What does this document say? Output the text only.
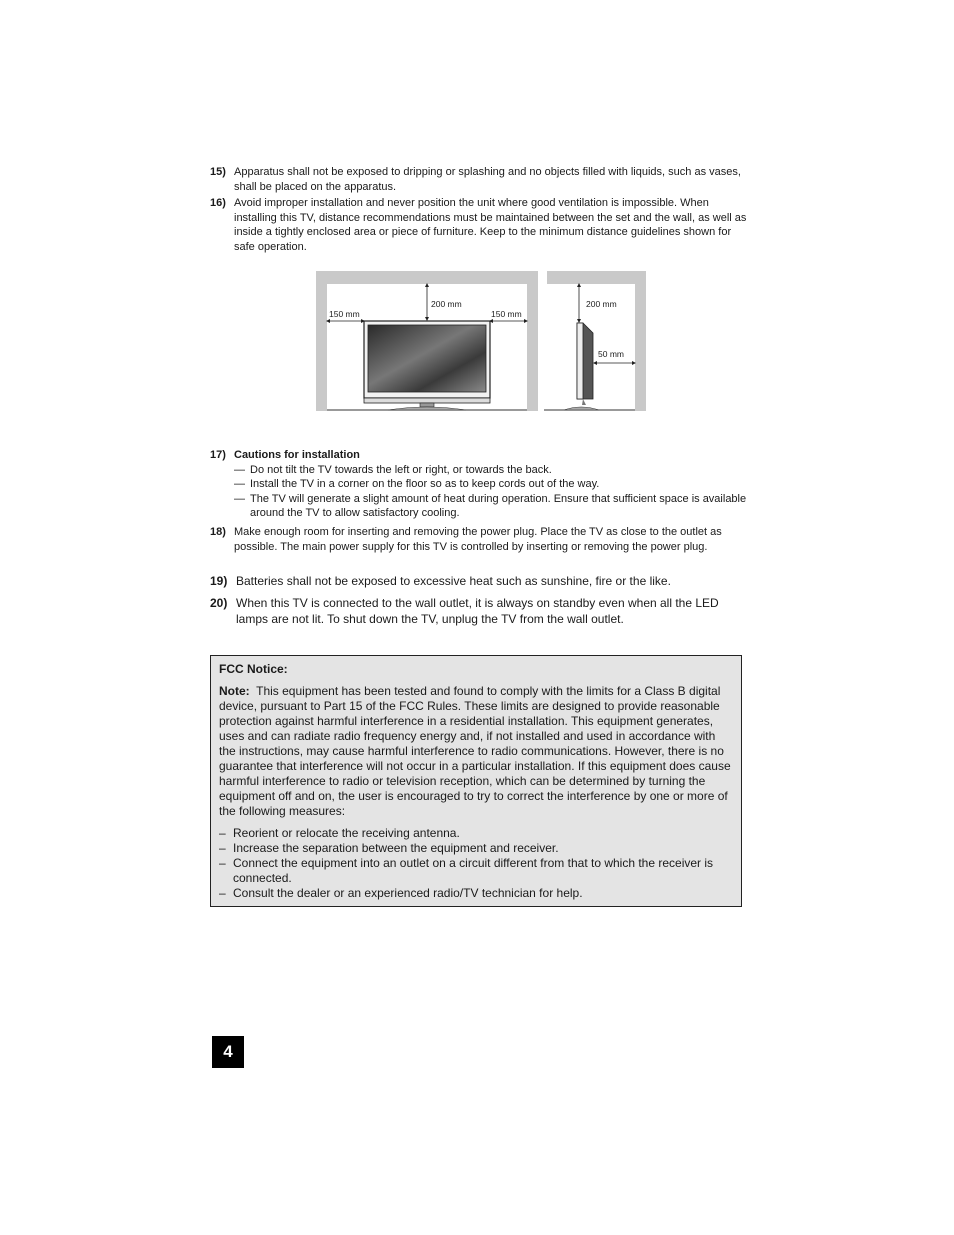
15) Apparatus shall not be exposed to dripping or splashing and no objects filled with liquids, such as vases, shall be placed on the apparatus.
16) Avoid improper installation and never position the unit where good ventilation is impossible. When installing this TV, distance recommendations must be maintained between the set and the wall, as well as inside a tightly enclosed area or piece of furniture. Keep to the minimum distance guidelines shown for safe operation.
200 mm
150 mm	150 mm
200 mm
50 mm
17) Cautions for installation
— Do not tilt the TV towards the left or right, or towards the back.
— Install the TV in a corner on the floor so as to keep cords out of the way.
— The TV will generate a slight amount of heat during operation. Ensure that sufficient space is available around the TV to allow satisfactory cooling.
18) Make enough room for inserting and removing the power plug. Place the TV as close to the outlet as possible. The main power supply for this TV is controlled by inserting or removing the power plug.
19) Batteries shall not be exposed to excessive heat such as sunshine, fire or the like.
20) When this TV is connected to the wall outlet, it is always on standby even when all the LED lamps are not lit. To shut down the TV, unplug the TV from the wall outlet.
FCC Notice:
Note: This equipment has been tested and found to comply with the limits for a Class B digital device, pursuant to Part 15 of the FCC Rules. These limits are designed to provide reasonable protection against harmful interference in a residential installation. This equipment generates, uses and can radiate radio frequency energy and, if not installed and used in accordance with the instructions, may cause harmful interference to radio communications. However, there is no guarantee that interference will not occur in a particular installation. If this equipment does cause harmful interference to radio or television reception, which can be determined by turning the equipment off and on, the user is encouraged to try to correct the interference by one or more of the following measures:
– Reorient or relocate the receiving antenna.
– Increase the separation between the equipment and receiver.
– Connect the equipment into an outlet on a circuit different from that to which the receiver is connected.
– Consult the dealer or an experienced radio/TV technician for help.
4
